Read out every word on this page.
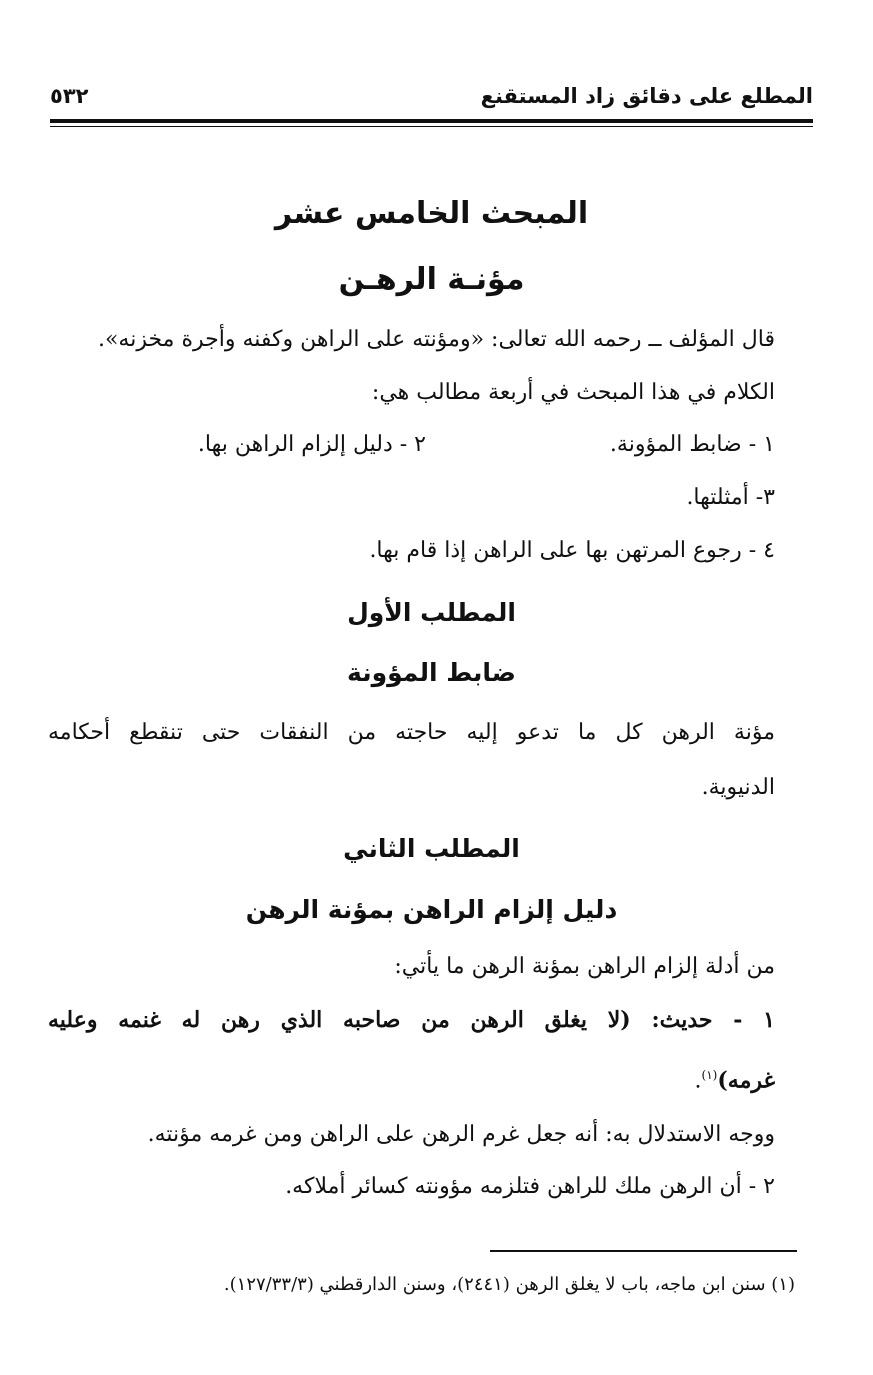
٥٣٢	المطلع على دقائق زاد المستقنع
المبحث الخامس عشر
مؤنـة الرهـن
قال المؤلف ــ رحمه الله تعالى: «ومؤنته على الراهن وكفنه وأجرة مخزنه».
الكلام في هذا المبحث في أربعة مطالب هي:
١ - ضابط المؤونة.
٢ - دليل إلزام الراهن بها.
٣- أمثلتها.
٤ - رجوع المرتهن بها على الراهن إذا قام بها.
المطلب الأول
ضابط المؤونة
مؤنة الرهن كل ما تدعو إليه حاجته من النفقات حتى تنقطع أحكامه
الدنيوية.
المطلب الثاني
دليل إلزام الراهن بمؤنة الرهن
من أدلة إلزام الراهن بمؤنة الرهن ما يأتي:
١ - حديث: (لا يغلق الرهن من صاحبه الذي رهن له غنمه وعليه
غرمه)$^{(١)}$.
ووجه الاستدلال به: أنه جعل غرم الرهن على الراهن ومن غرمه مؤنته.
٢ - أن الرهن ملك للراهن فتلزمه مؤونته كسائر أملاكه.
(١) سنن ابن ماجه، باب لا يغلق الرهن (٢٤٤١)، وسنن الدارقطني (١٢٧/٣٣/٣).
